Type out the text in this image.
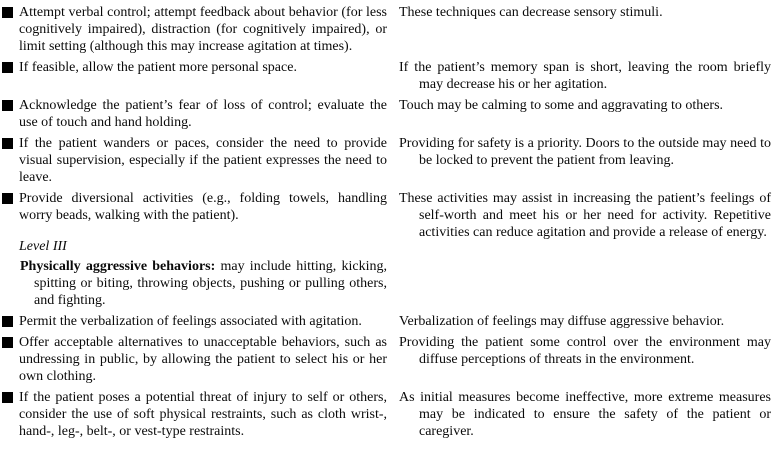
Attempt verbal control; attempt feedback about behavior (for less cognitively impaired), distraction (for cognitively impaired), or limit setting (although this may increase agitation at times).

These techniques can decrease sensory stimuli.

If feasible, allow the patient more personal space.	If the patient’s memory span is short, leaving the room briefly may decrease his or her agitation.

Acknowledge the patient’s fear of loss of control; evaluate the use of touch and hand holding.

Touch may be calming to some and aggravating to others.

If the patient wanders or paces, consider the need to provide visual supervision, especially if the patient expresses the need to leave.

Providing for safety is a priority. Doors to the outside may need to be locked to prevent the patient from leaving.

Provide diversional activities (e.g., folding towels, handling worry beads, walking with the patient).

Level III

Physically aggressive behaviors: may include hitting, kicking, spitting or biting, throwing objects, pushing or pulling others, and fighting.

These activities may assist in increasing the patient’s feelings of self-worth and meet his or her need for activity. Repetitive activities can reduce agitation and provide a release of energy.

Permit the verbalization of feelings associated with agitation.	Verbalization of feelings may diffuse aggressive behavior.

Offer acceptable alternatives to unacceptable behaviors, such as undressing in public, by allowing the patient to select his or her own clothing.

Providing the patient some control over the environment may diffuse perceptions of threats in the environment.

If the patient poses a potential threat of injury to self or others, consider the use of soft physical restraints, such as cloth wrist-, hand-, leg-, belt-, or vest-type restraints.

As initial measures become ineffective, more extreme measures may be indicated to ensure the safety of the patient or caregiver.
